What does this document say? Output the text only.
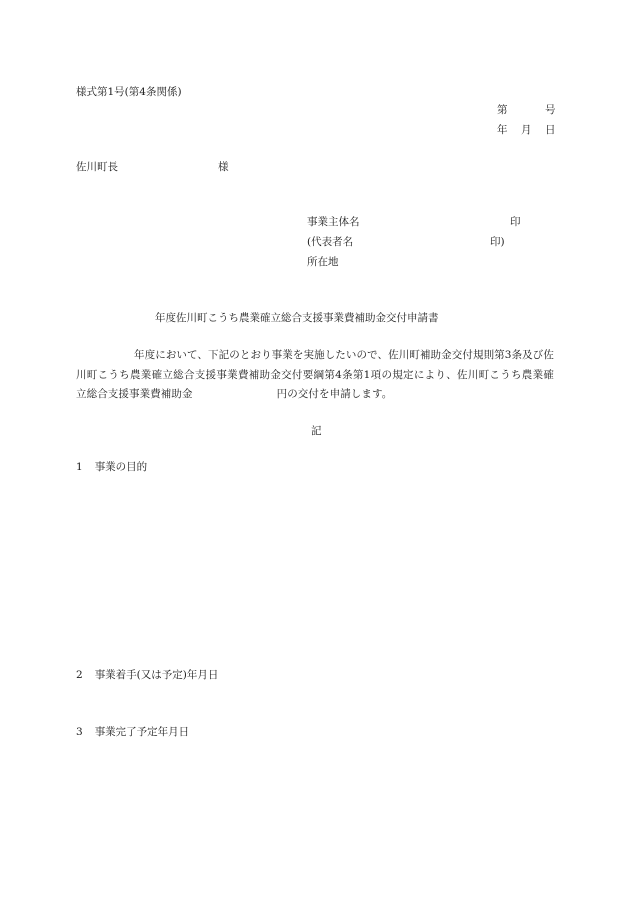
様式第1号(第4条関係)
第	号
年 月 日
佐川町長	様
事業主体名	印
(代表者名	印)
所在地
年度佐川町こうち農業確立総合支援事業費補助金交付申請書
年度において、下記のとおり事業を実施したいので、佐川町補助金交付規則第3条及び佐川町こうち農業確立総合支援事業費補助金交付要綱第4条第1項の規定により、佐川町こうち農業確立総合支援事業費補助金	円の交付を申請します。
記
1 事業の目的
2 事業着手(又は予定)年月日
3 事業完了予定年月日
